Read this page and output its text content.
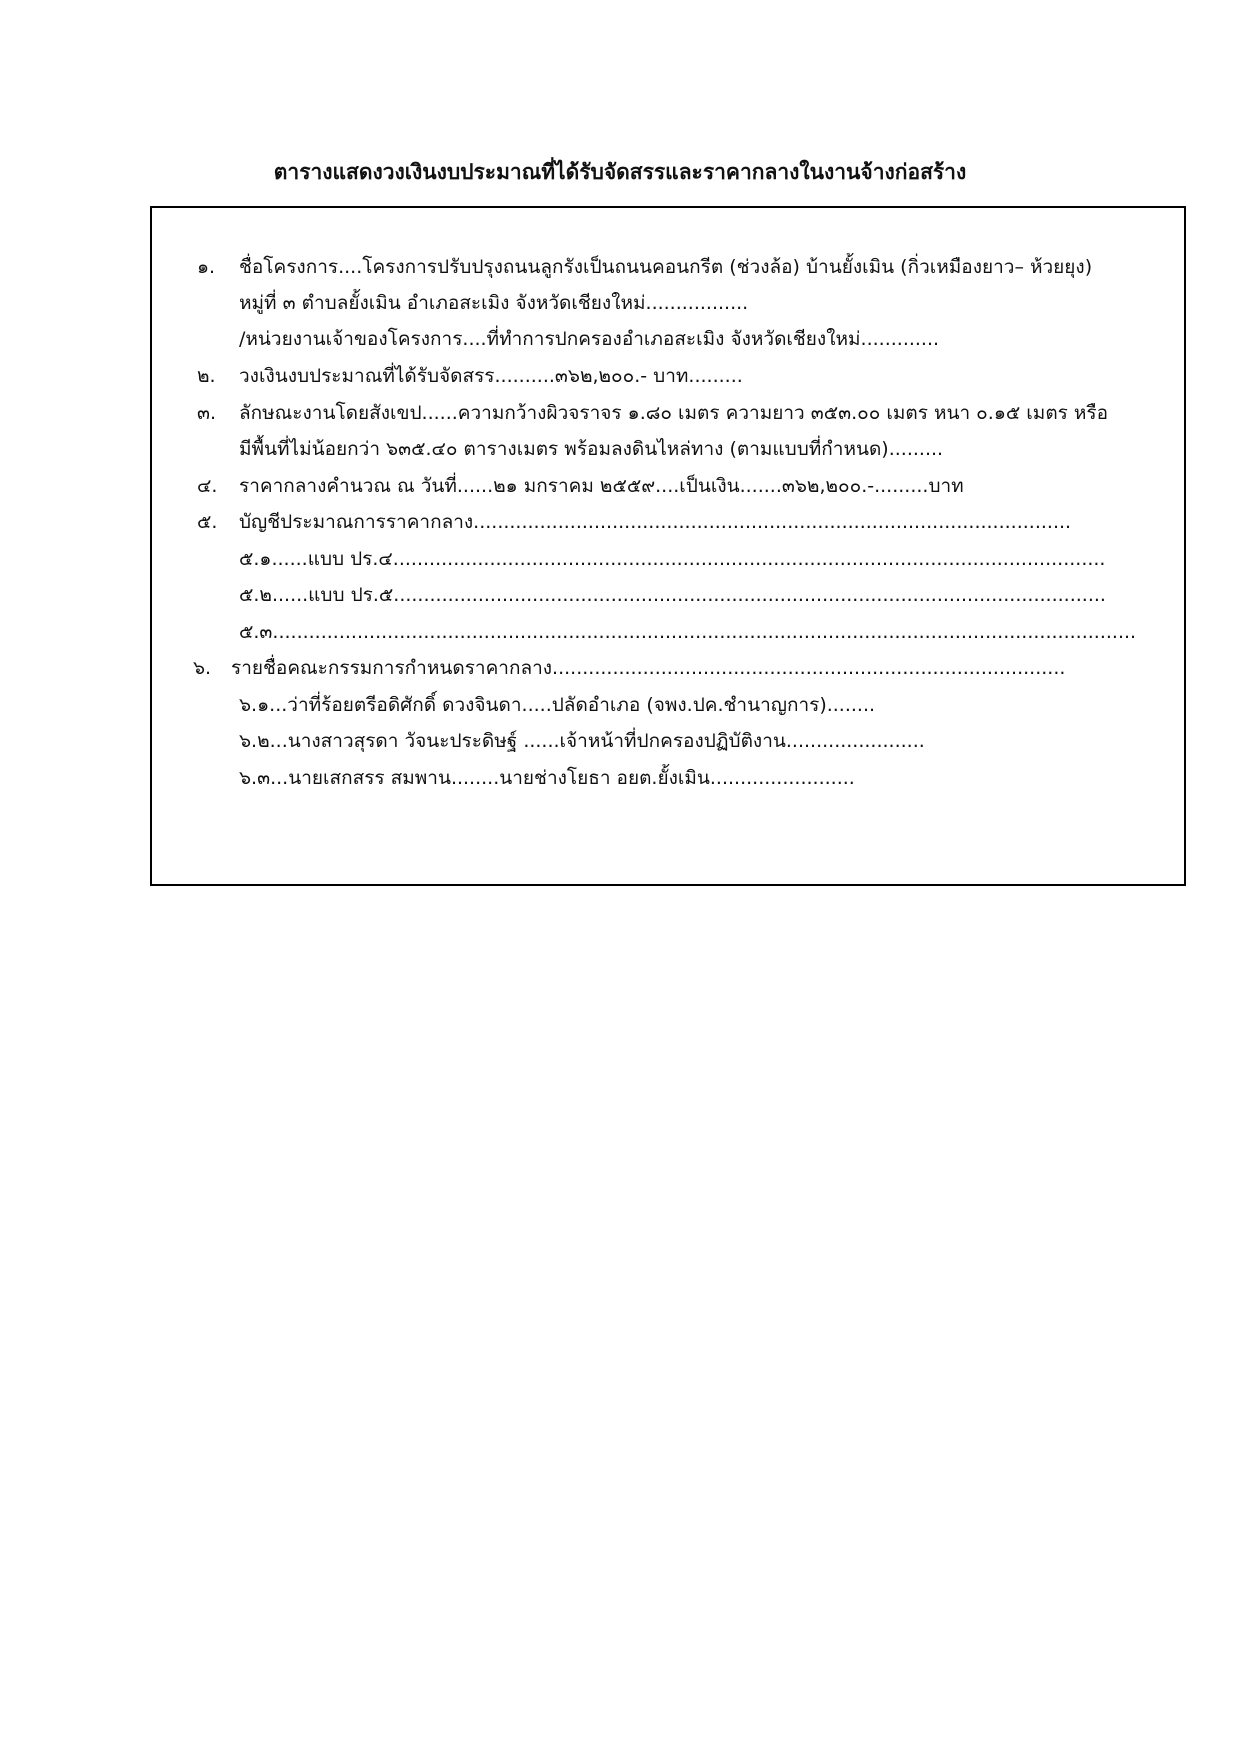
ตารางแสดงวงเงินงบประมาณที่ได้รับจัดสรรและราคากลางในงานจ้างก่อสร้าง
๑. ชื่อโครงการ....โครงการปรับปรุงถนนลูกรังเป็นถนนคอนกรีต (ช่วงล้อ) บ้านยั้งเมิน (กิ่วเหมืองยาว– ห้วยยุง)
หมู่ที่ ๓ ตำบลยั้งเมิน อำเภอสะเมิง จังหวัดเชียงใหม่.................
/หน่วยงานเจ้าของโครงการ....ที่ทำการปกครองอำเภอสะเมิง จังหวัดเชียงใหม่.............
๒. วงเงินงบประมาณที่ได้รับจัดสรร..........๓๖๒,๒๐๐.- บาท.........
๓. ลักษณะงานโดยสังเขป......ความกว้างผิวจราจร ๑.๘๐ เมตร ความยาว ๓๕๓.๐๐ เมตร หนา ๐.๑๕ เมตร หรือ
มีพื้นที่ไม่น้อยกว่า ๖๓๕.๔๐ ตารางเมตร พร้อมลงดินไหล่ทาง (ตามแบบที่กำหนด).........
๔. ราคากลางคำนวณ ณ วันที่......๒๑ มกราคม ๒๕๕๙....เป็นเงิน.......๓๖๒,๒๐๐.-.........บาท
๕. บัญชีประมาณการราคากลาง...................................................................................................
๕.๑......แบบ ปร.๔......................................................................................................................
๕.๒......แบบ ปร.๕......................................................................................................................
๕.๓...............................................................................................................................................
๖. รายชื่อคณะกรรมการกำหนดราคากลาง.....................................................................................
๖.๑...ว่าที่ร้อยตรีอดิศักดิ์ ดวงจินดา.....ปลัดอำเภอ (จพง.ปค.ชำนาญการ)........
๖.๒...นางสาวสุรดา วัจนะประดิษฐ์ ......เจ้าหน้าที่ปกครองปฏิบัติงาน.......................
๖.๓...นายเสกสรร สมพาน........นายช่างโยธา อยต.ยั้งเมิน........................
